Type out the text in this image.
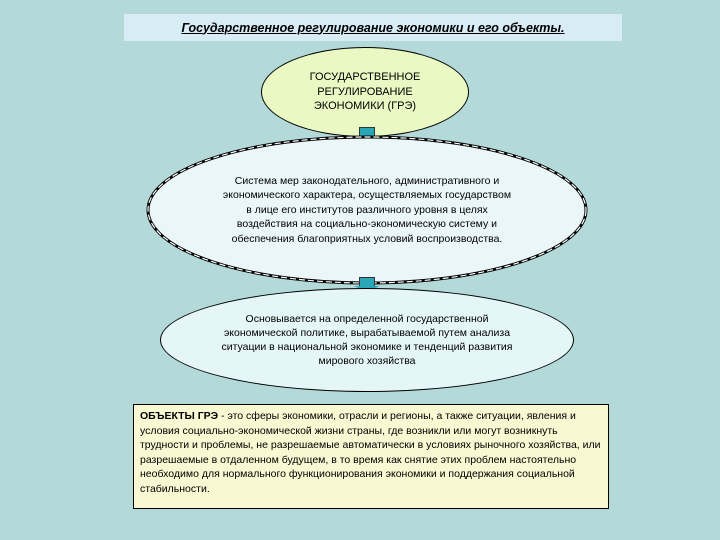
Государственное регулирование экономики и его объекты.
ГОСУДАРСТВЕННОЕ
РЕГУЛИРОВАНИЕ
ЭКОНОМИКИ (ГРЭ)
Система мер законодательного, административного и экономического характера, осуществляемых государством в лице его институтов различного уровня в целях воздействия на социально-экономическую систему и обеспечения благоприятных условий воспроизводства.
Основывается на определенной государственной экономической политике, вырабатываемой путем анализа ситуации в национальной экономике и тенденций развития мирового хозяйства
ОБЪЕКТЫ ГРЭ - это сферы экономики, отрасли и регионы, а также ситуации, явления и условия социально-экономической жизни страны, где возникли или могут возникнуть трудности и проблемы, не разрешаемые автоматически в условиях рыночного хозяйства, или разрешаемые в отдаленном будущем, в то время как снятие этих проблем настоятельно необходимо для нормального функционирования экономики и поддержания социальной стабильности.
